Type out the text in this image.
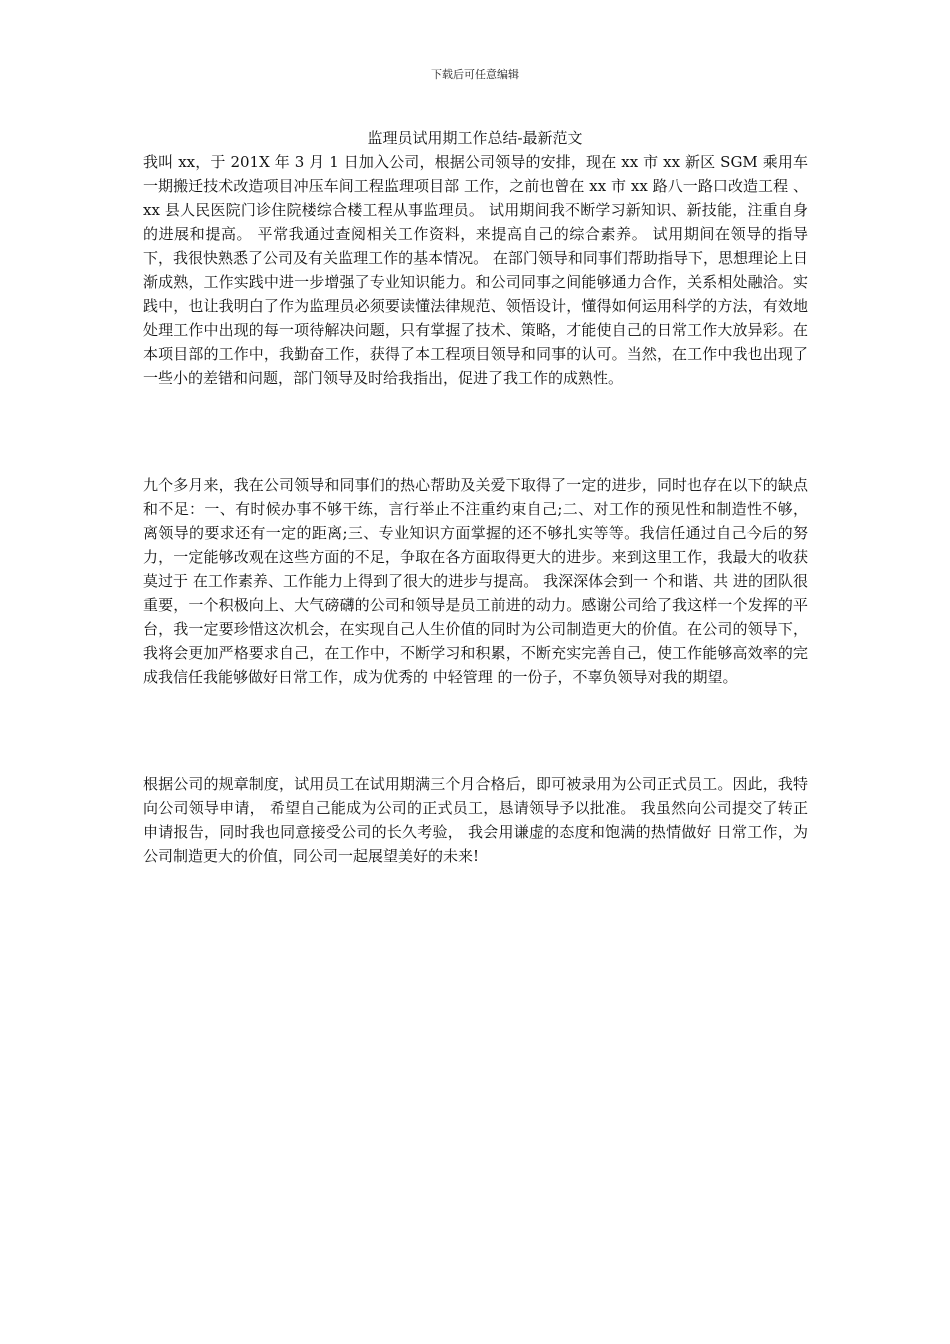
下载后可任意编辑
监理员试用期工作总结-最新范文

我叫 xx，于 201X 年 3 月 1 日加入公司，根据公司领导的安排，现在 xx 市 xx 新区 SGM 乘用车一期搬迁技术改造项目冲压车间工程监理项目部 工作，之前也曾在 xx 市 xx 路八一路口改造工程 、 xx 县人民医院门诊住院楼综合楼工程从事监理员。 试用期间我不断学习新知识、新技能，注重自身的进展和提高。 平常我通过查阅相关工作资料，来提高自己的综合素养。 试用期间在领导的指导下，我很快熟悉了公司及有关监理工作的基本情况。 在部门领导和同事们帮助指导下，思想理论上日渐成熟，工作实践中进一步增强了专业知识能力。和公司同事之间能够通力合作，关系相处融洽。实践中，也让我明白了作为监理员必须要读懂法律规范、领悟设计，懂得如何运用科学的方法，有效地处理工作中出现的每一项待解决问题，只有掌握了技术、策略，才能使自己的日常工作大放异彩。在本项目部的工作中，我勤奋工作，获得了本工程项目领导和同事的认可。当然，在工作中我也出现了一些小的差错和问题，部门领导及时给我指出，促进了我工作的成熟性。

九个多月来，我在公司领导和同事们的热心帮助及关爱下取得了一定的进步，同时也存在以下的缺点和不足：一、有时候办事不够干练，言行举止不注重约束自己;二、对工作的预见性和制造性不够，离领导的要求还有一定的距离;三、专业知识方面掌握的还不够扎实等等。我信任通过自己今后的努力，一定能够改观在这些方面的不足，争取在各方面取得更大的进步。来到这里工作，我最大的收获莫过于 在工作素养、工作能力上得到了很大的进步与提高。 我深深体会到一 个和谐、共 进的团队很重要，一个积极向上、大气磅礴的公司和领导是员工前进的动力。感谢公司给了我这样一个发挥的平台，我一定要珍惜这次机会，在实现自己人生价值的同时为公司制造更大的价值。在公司的领导下，我将会更加严格要求自己，在工作中，不断学习和积累，不断充实完善自己，使工作能够高效率的完成我信任我能够做好日常工作，成为优秀的 中轻管理 的一份子，不辜负领导对我的期望。

根据公司的规章制度，试用员工在试用期满三个月合格后，即可被录用为公司正式员工。因此，我特向公司领导申请， 希望自己能成为公司的正式员工，恳请领导予以批准。 我虽然向公司提交了转正申请报告，同时我也同意接受公司的长久考验， 我会用谦虚的态度和饱满的热情做好 日常工作，为公司制造更大的价值，同公司一起展望美好的未来!
